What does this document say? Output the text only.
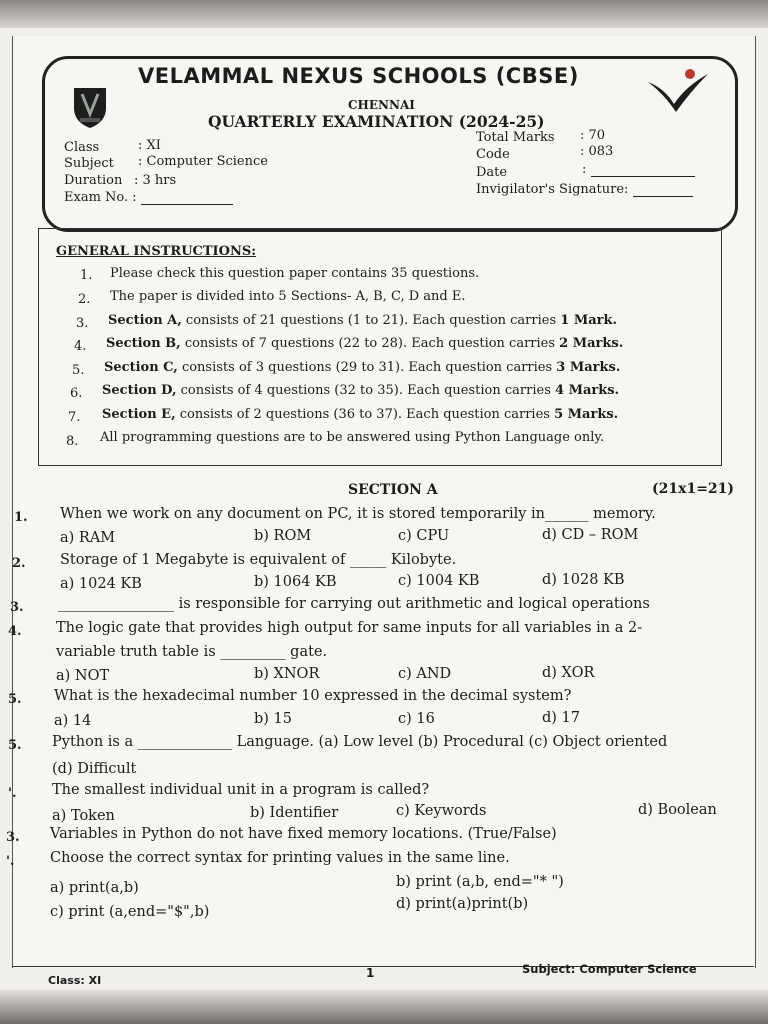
VELAMMAL NEXUS SCHOOLS (CBSE)
CHENNAI
QUARTERLY EXAMINATION (2024-25)
Class	: XI
Subject : Computer Science
Duration : 3 hrs
Exam No. :
Total Marks : 70
Code	: 083
Date	:
Invigilator's Signature:
GENERAL INSTRUCTIONS:
1. Please check this question paper contains 35 questions.
2. The paper is divided into 5 Sections- A, B, C, D and E.
3. Section A, consists of 21 questions (1 to 21). Each question carries 1 Mark.
4. Section B, consists of 7 questions (22 to 28). Each question carries 2 Marks.
5. Section C, consists of 3 questions (29 to 31). Each question carries 3 Marks.
6. Section D, consists of 4 questions (32 to 35). Each question carries 4 Marks.
7. Section E, consists of 2 questions (36 to 37). Each question carries 5 Marks.
8. All programming questions are to be answered using Python Language only.
SECTION A	(21x1=21)
1. When we work on any document on PC, it is stored temporarily in______ memory.
a) RAM	b) ROM	c) CPU	d) CD – ROM
2. Storage of 1 Megabyte is equivalent of _____ Kilobyte.
a) 1024 KB	b) 1064 KB	c) 1004 KB	d) 1028 KB
3. ________________ is responsible for carrying out arithmetic and logical operations
4. The logic gate that provides high output for same inputs for all variables in a 2-
variable truth table is _________ gate.
a) NOT	b) XNOR	c) AND	d) XOR
5. What is the hexadecimal number 10 expressed in the decimal system?
a) 14	b) 15	c) 16	d) 17
5. Python is a _____________ Language. (a) Low level (b) Procedural (c) Object oriented
(d) Difficult
'. The smallest individual unit in a program is called?
a) Token	b) Identifier	c) Keywords	d) Boolean
3. Variables in Python do not have fixed memory locations. (True/False)
'. Choose the correct syntax for printing values in the same line.
a) print(a,b)	b) print (a,b, end="* ")
c) print (a,end="$",b)	d) print(a)print(b)
Class: XI
1	Subject: Computer Science
